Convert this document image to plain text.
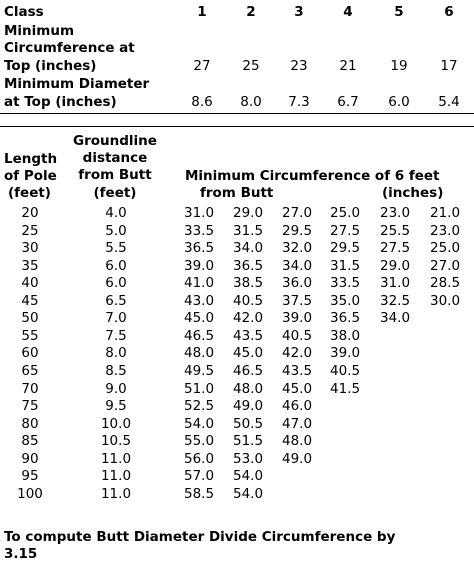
Class	1	2	3	4	5	6
Minimum
Circumference at
Top (inches)	27	25	23	21	19	17
Minimum Diameter
at Top (inches)	8.6	8.0	7.3	6.7	6.0	5.4
Length
of Pole
(feet)
Groundline
distance
from Butt
(feet)
Minimum Circumference of 6 feet
from Butt	(inches)
20	4.0	31.0 29.0 27.0 25.0 23.0 21.0
25	5.0	33.5 31.5 29.5 27.5 25.5 23.0
30	5.5	36.5 34.0 32.0 29.5 27.5 25.0
35	6.0	39.0 36.5 34.0 31.5 29.0 27.0
40	6.0	41.0 38.5 36.0 33.5 31.0 28.5
45	6.5	43.0 40.5 37.5 35.0 32.5 30.0
50	7.0	45.0 42.0 39.0 36.5 34.0
55	7.5	46.5 43.5 40.5 38.0
60	8.0	48.0 45.0 42.0 39.0
65	8.5	49.5 46.5 43.5 40.5
70	9.0	51.0 48.0 45.0 41.5
75	9.5	52.5 49.0 46.0
80	10.0	54.0 50.5 47.0
85	10.5	55.0 51.5 48.0
90	11.0	56.0 53.0 49.0
95	11.0	57.0 54.0
100	11.0	58.5 54.0
To compute Butt Diameter Divide Circumference by
3.15
